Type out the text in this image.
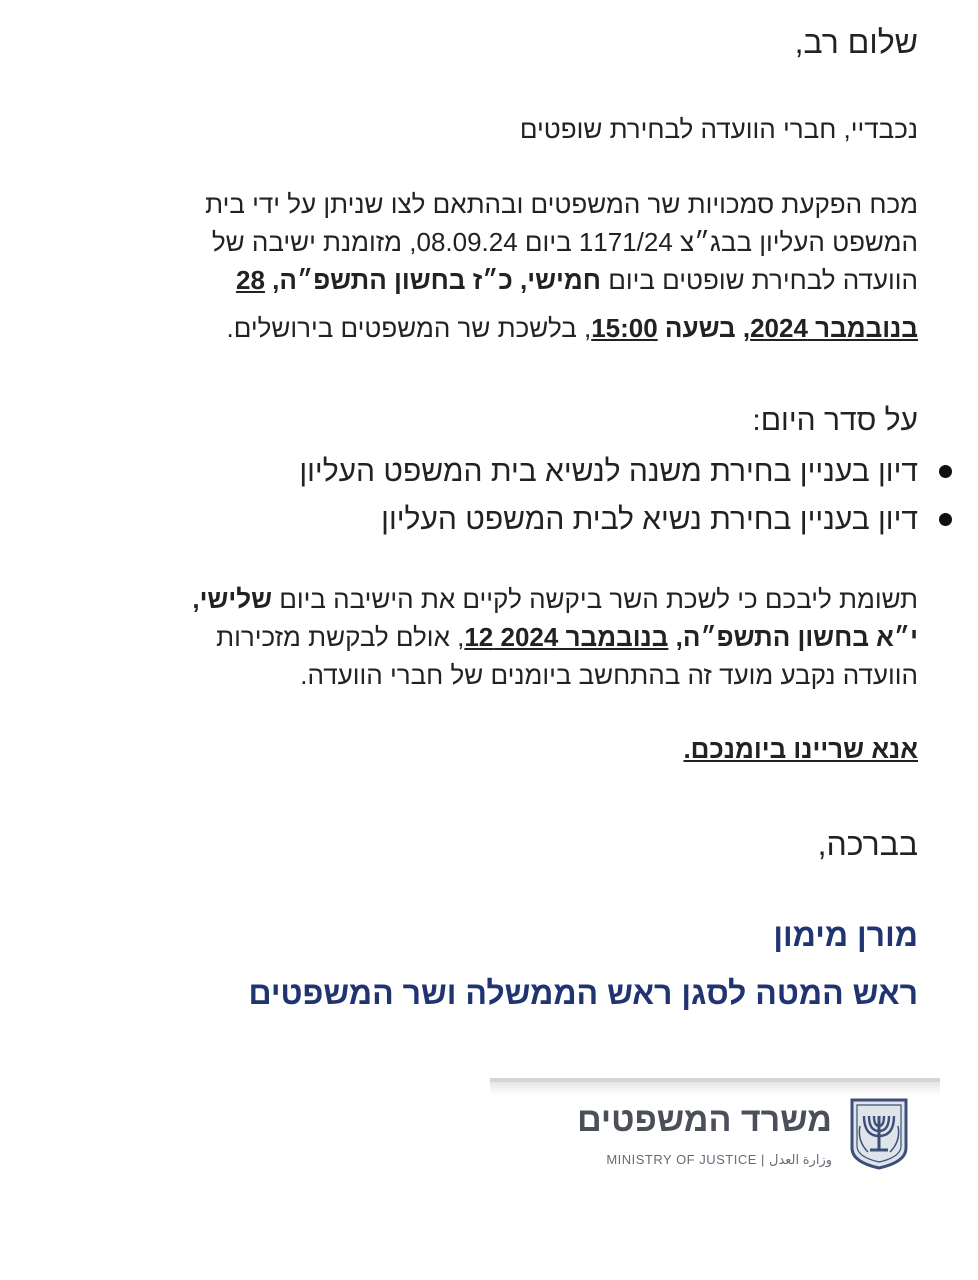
שלום רב,
נכבדיי, חברי הוועדה לבחירת שופטים
מכח הפקעת סמכויות שר המשפטים ובהתאם לצו שניתן על ידי בית
המשפט העליון בבג״צ 1171/24 ביום 08.09.24, מזומנת ישיבה של
הוועדה לבחירת שופטים ביום חמישי, כ״ז בחשון התשפ״ה, 28
בנובמבר 2024, בשעה 15:00, בלשכת שר המשפטים בירושלים.
על סדר היום:
דיון בעניין בחירת משנה לנשיא בית המשפט העליון
דיון בעניין בחירת נשיא לבית המשפט העליון
תשומת ליבכם כי לשכת השר ביקשה לקיים את הישיבה ביום שלישי,
י״א בחשון התשפ״ה, בנובמבר 2024 12, אולם לבקשת מזכירות
הוועדה נקבע מועד זה בהתחשב ביומנים של חברי הוועדה.
אנא שריינו ביומנכם.
בברכה,
מורן מימון
ראש המטה לסגן ראש הממשלה ושר המשפטים
משרד המשפטים
MINISTRY OF JUSTICE | وزارة العدل
